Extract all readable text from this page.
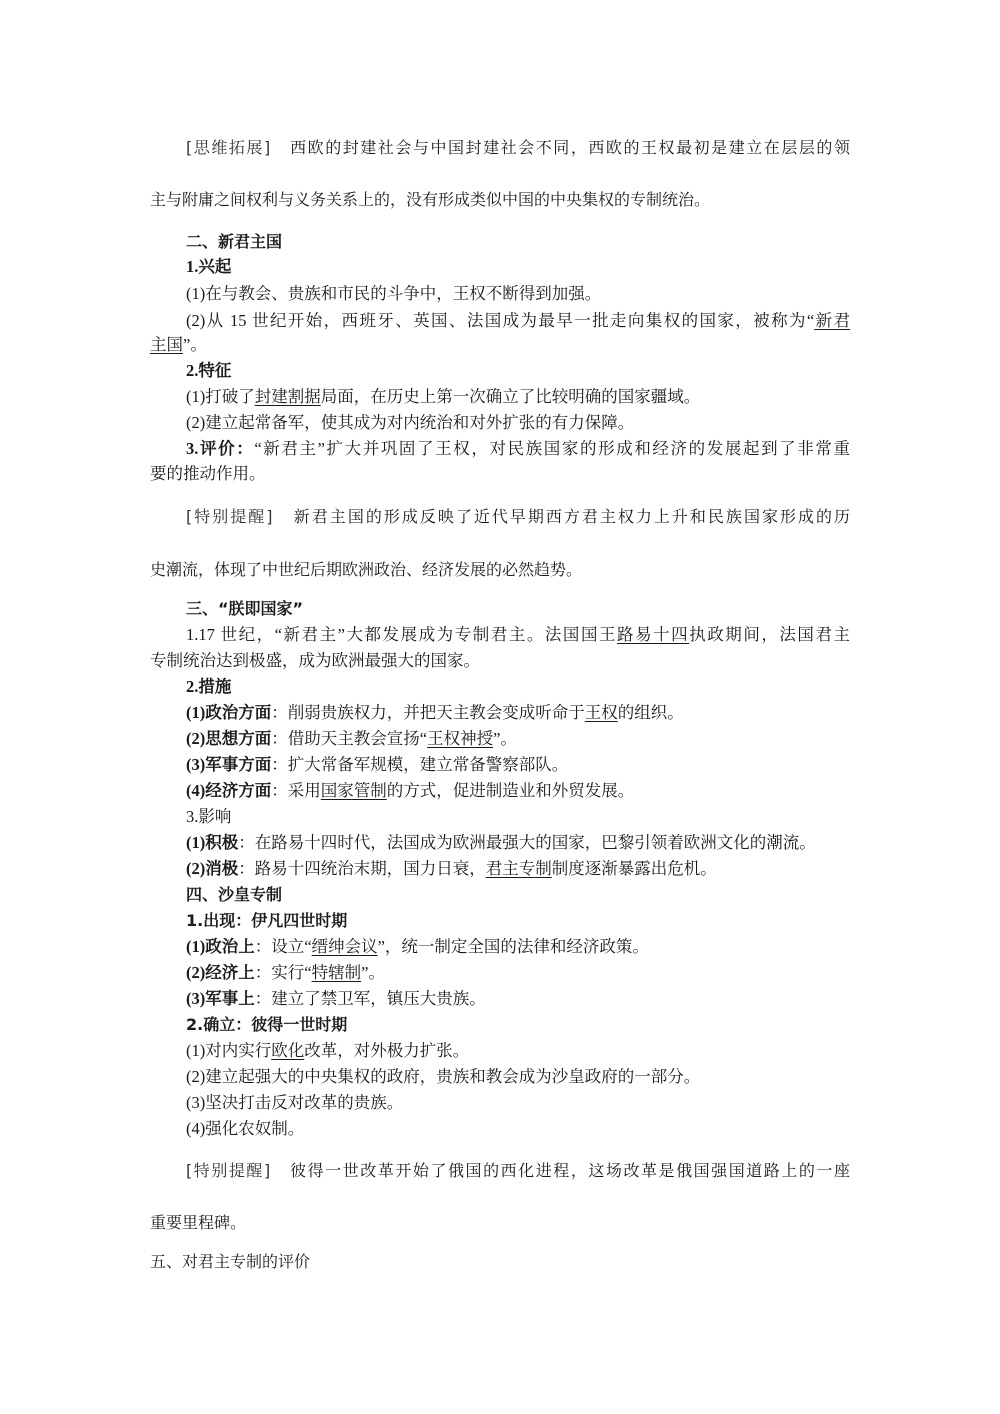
[思维拓展] 西欧的封建社会与中国封建社会不同，西欧的王权最初是建立在层层的领
主与附庸之间权利与义务关系上的，没有形成类似中国的中央集权的专制统治。
二、新君主国
1.兴起
(1)在与教会、贵族和市民的斗争中，王权不断得到加强。
(2)从 15 世纪开始，西班牙、英国、法国成为最早一批走向集权的国家，被称为“新君
主国”。
2.特征
(1)打破了封建割据局面，在历史上第一次确立了比较明确的国家疆域。
(2)建立起常备军，使其成为对内统治和对外扩张的有力保障。
3.评价：“新君主”扩大并巩固了王权，对民族国家的形成和经济的发展起到了非常重
要的推动作用。
[特别提醒] 新君主国的形成反映了近代早期西方君主权力上升和民族国家形成的历
史潮流，体现了中世纪后期欧洲政治、经济发展的必然趋势。
三、“朕即国家”
1.17 世纪，“新君主”大都发展成为专制君主。法国国王路易十四执政期间，法国君主
专制统治达到极盛，成为欧洲最强大的国家。
2.措施
(1)政治方面：削弱贵族权力，并把天主教会变成听命于王权的组织。
(2)思想方面：借助天主教会宣扬“王权神授”。
(3)军事方面：扩大常备军规模，建立常备警察部队。
(4)经济方面：采用国家管制的方式，促进制造业和外贸发展。
3.影响
(1)积极：在路易十四时代，法国成为欧洲最强大的国家，巴黎引领着欧洲文化的潮流。
(2)消极：路易十四统治末期，国力日衰，君主专制制度逐渐暴露出危机。
四、沙皇专制
1.出现：伊凡四世时期
(1)政治上：设立“缙绅会议”，统一制定全国的法律和经济政策。
(2)经济上：实行“特辖制”。
(3)军事上：建立了禁卫军，镇压大贵族。
2.确立：彼得一世时期
(1)对内实行欧化改革，对外极力扩张。
(2)建立起强大的中央集权的政府，贵族和教会成为沙皇政府的一部分。
(3)坚决打击反对改革的贵族。
(4)强化农奴制。
[特别提醒] 彼得一世改革开始了俄国的西化进程，这场改革是俄国强国道路上的一座
重要里程碑。
五、对君主专制的评价
